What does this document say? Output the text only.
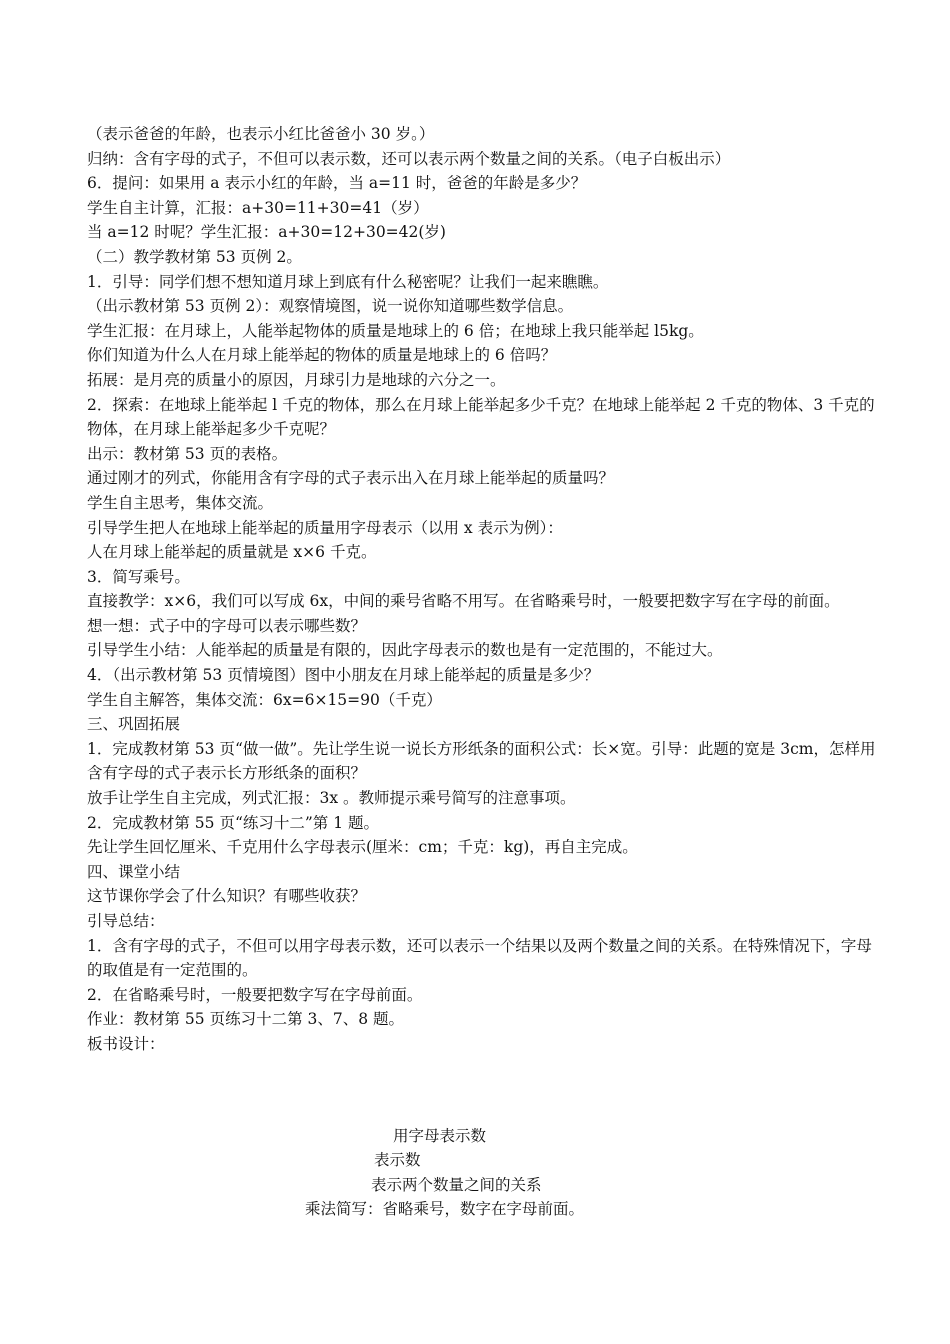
（表示爸爸的年龄，也表示小红比爸爸小 30 岁。）
归纳：含有字母的式子，不但可以表示数，还可以表示两个数量之间的关系。（电子白板出示）
6．提问：如果用 a 表示小红的年龄，当 a=11 时，爸爸的年龄是多少？
学生自主计算，汇报：a+30=11+30=41（岁）
当 a=12 时呢？学生汇报：a+30=12+30=42(岁)
（二）教学教材第 53 页例 2。
1．引导：同学们想不想知道月球上到底有什么秘密呢？让我们一起来瞧瞧。
（出示教材第 53 页例 2）：观察情境图，说一说你知道哪些数学信息。
学生汇报：在月球上，人能举起物体的质量是地球上的 6 倍；在地球上我只能举起 l5kg。
你们知道为什么人在月球上能举起的物体的质量是地球上的 6 倍吗？
拓展：是月亮的质量小的原因，月球引力是地球的六分之一。
2．探索：在地球上能举起 l 千克的物体，那么在月球上能举起多少千克？在地球上能举起 2 千克的物体、3 千克的物体，在月球上能举起多少千克呢？
出示：教材第 53 页的表格。
通过刚才的列式，你能用含有字母的式子表示出入在月球上能举起的质量吗？
学生自主思考，集体交流。
引导学生把人在地球上能举起的质量用字母表示（以用 x 表示为例）：
人在月球上能举起的质量就是 x×6 千克。
3．简写乘号。
直接教学：x×6，我们可以写成 6x，中间的乘号省略不用写。在省略乘号时，一般要把数字写在字母的前面。
想一想：式子中的字母可以表示哪些数？
引导学生小结：人能举起的质量是有限的，因此字母表示的数也是有一定范围的，不能过大。
4．（出示教材第 53 页情境图）图中小朋友在月球上能举起的质量是多少？
学生自主解答，集体交流：6x=6×15=90（千克）
三、巩固拓展
1．完成教材第 53 页“做一做”。先让学生说一说长方形纸条的面积公式：长×宽。引导：此题的宽是 3cm，怎样用含有字母的式子表示长方形纸条的面积？
放手让学生自主完成，列式汇报：3x 。教师提示乘号简写的注意事项。
2．完成教材第 55 页“练习十二”第 1 题。
先让学生回忆厘米、千克用什么字母表示(厘米：cm；千克：kg)，再自主完成。
四、课堂小结
这节课你学会了什么知识？有哪些收获？
引导总结：
1．含有字母的式子，不但可以用字母表示数，还可以表示一个结果以及两个数量之间的关系。在特殊情况下，字母的取值是有一定范围的。
2．在省略乘号时，一般要把数字写在字母前面。
作业：教材第 55 页练习十二第 3、7、8 题。
板书设计：
用字母表示数
表示数
表示两个数量之间的关系
乘法简写：省略乘号，数字在字母前面。
